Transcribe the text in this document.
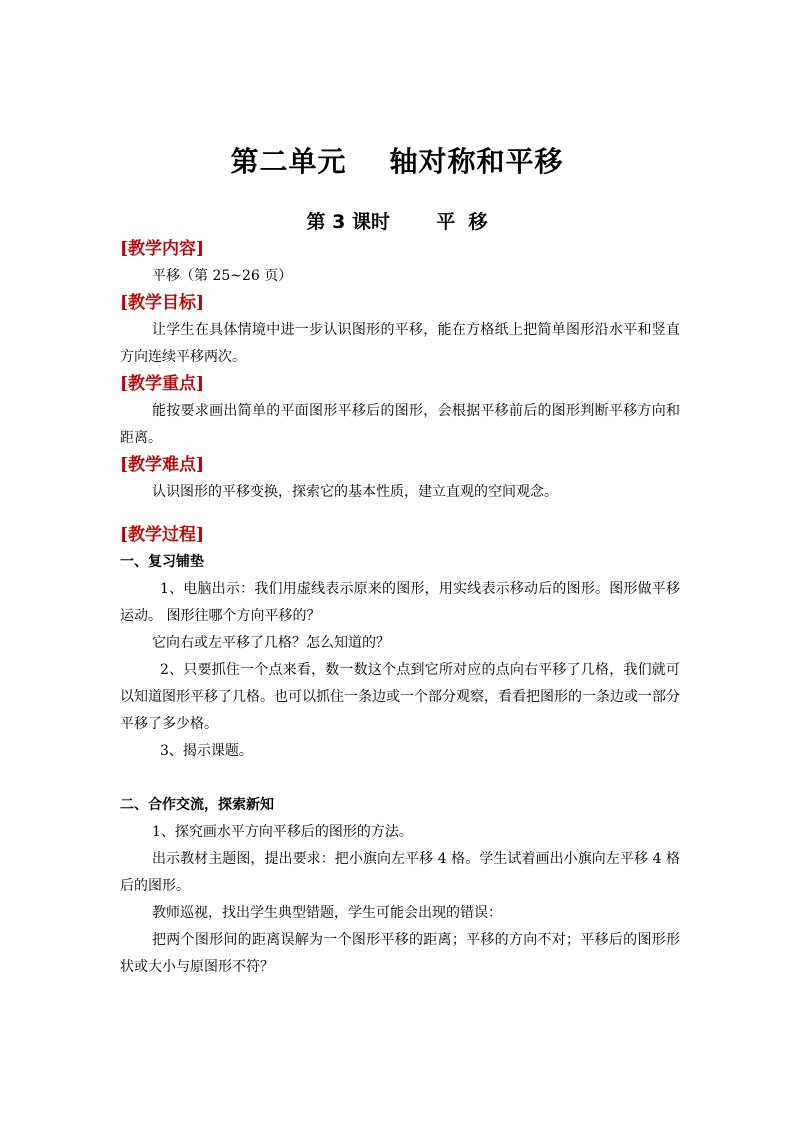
第二单元    轴对称和平移
第 3 课时       平  移
[教学内容]

平移（第 25~26 页）

[教学目标]

让学生在具体情境中进一步认识图形的平移，能在方格纸上把简单图形沿水平和竖直方向连续平移两次。

[教学重点]

能按要求画出简单的平面图形平移后的图形，会根据平移前后的图形判断平移方向和距离。

[教学难点]

认识图形的平移变换，探索它的基本性质，建立直观的空间观念。

[教学过程]

一、复习铺垫

1、电脑出示：我们用虚线表示原来的图形，用实线表示移动后的图形。图形做平移运动。 图形往哪个方向平移的？

它向右或左平移了几格？怎么知道的？

2、只要抓住一个点来看，数一数这个点到它所对应的点向右平移了几格，我们就可以知道图形平移了几格。也可以抓住一条边或一个部分观察，看看把图形的一条边或一部分平移了多少格。

3、揭示课题。

二、合作交流，探索新知

1、探究画水平方向平移后的图形的方法。

出示教材主题图，提出要求：把小旗向左平移 4 格。学生试着画出小旗向左平移 4 格后的图形。

教师巡视，找出学生典型错题，学生可能会出现的错误：

把两个图形间的距离误解为一个图形平移的距离；平移的方向不对；平移后的图形形状或大小与原图形不符？
